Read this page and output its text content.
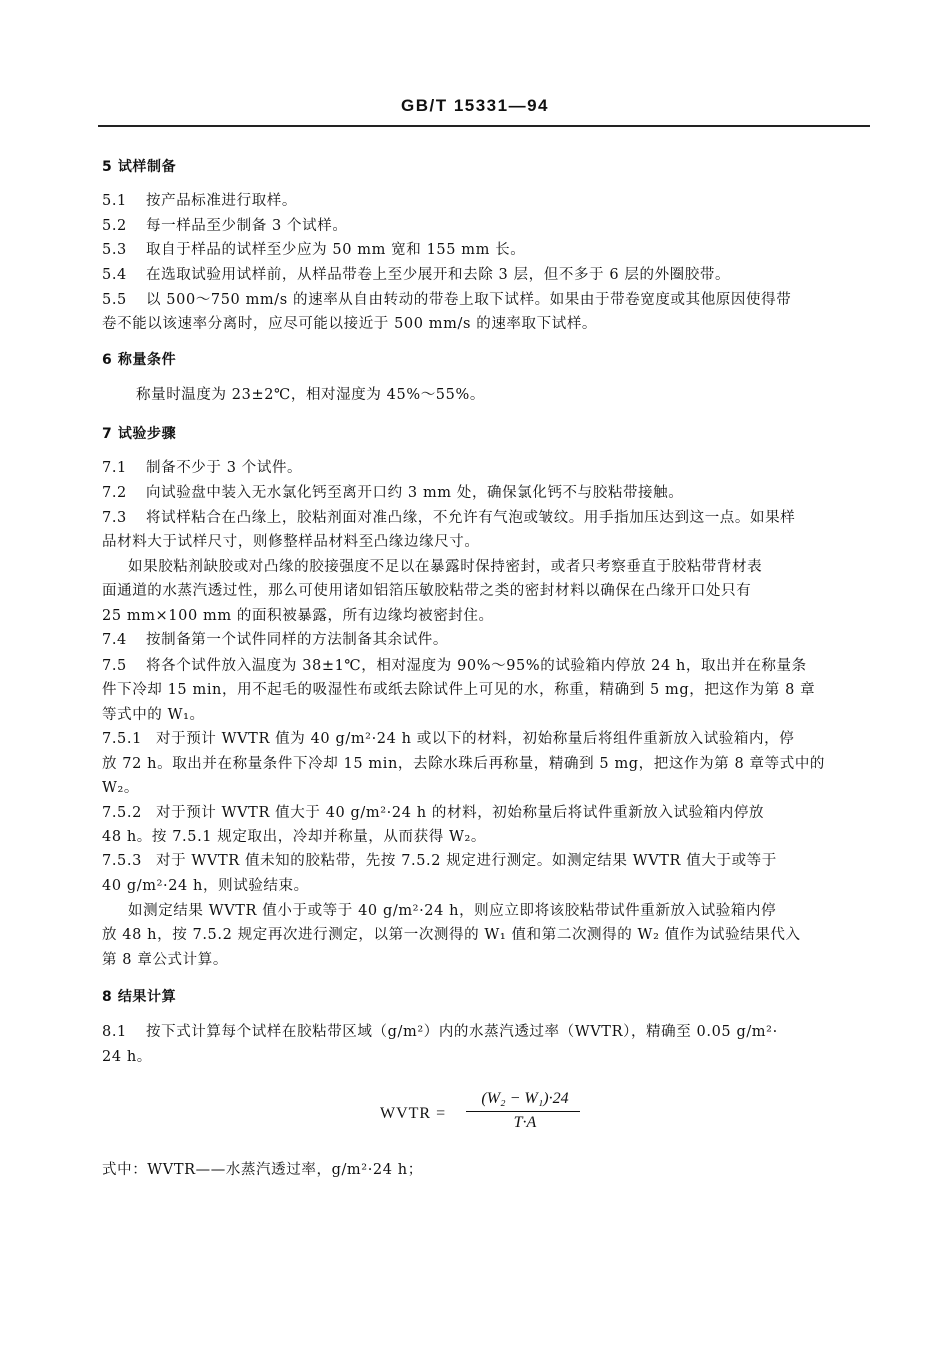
GB/T 15331—94
5 试样制备
5.1 按产品标准进行取样。
5.2 每一样品至少制备 3 个试样。
5.3 取自于样品的试样至少应为 50 mm 宽和 155 mm 长。
5.4 在选取试验用试样前，从样品带卷上至少展开和去除 3 层，但不多于 6 层的外圈胶带。
5.5 以 500～750 mm/s 的速率从自由转动的带卷上取下试样。如果由于带卷宽度或其他原因使得带
卷不能以该速率分离时，应尽可能以接近于 500 mm/s 的速率取下试样。
6 称量条件
称量时温度为 23±2℃，相对湿度为 45%～55%。
7 试验步骤
7.1 制备不少于 3 个试件。
7.2 向试验盘中装入无水氯化钙至离开口约 3 mm 处，确保氯化钙不与胶粘带接触。
7.3 将试样粘合在凸缘上，胶粘剂面对准凸缘，不允许有气泡或皱纹。用手指加压达到这一点。如果样
品材料大于试样尺寸，则修整样品材料至凸缘边缘尺寸。
如果胶粘剂缺胶或对凸缘的胶接强度不足以在暴露时保持密封，或者只考察垂直于胶粘带背材表
面通道的水蒸汽透过性，那么可使用诸如铝箔压敏胶粘带之类的密封材料以确保在凸缘开口处只有
25 mm×100 mm 的面积被暴露，所有边缘均被密封住。
7.4 按制备第一个试件同样的方法制备其余试件。
7.5 将各个试件放入温度为 38±1℃，相对湿度为 90%～95%的试验箱内停放 24 h，取出并在称量条
件下冷却 15 min，用不起毛的吸湿性布或纸去除试件上可见的水，称重，精确到 5 mg，把这作为第 8 章
等式中的 W₁。
7.5.1 对于预计 WVTR 值为 40 g/m²·24 h 或以下的材料，初始称量后将组件重新放入试验箱内，停
放 72 h。取出并在称量条件下冷却 15 min，去除水珠后再称量，精确到 5 mg，把这作为第 8 章等式中的
W₂。
7.5.2 对于预计 WVTR 值大于 40 g/m²·24 h 的材料，初始称量后将试件重新放入试验箱内停放
48 h。按 7.5.1 规定取出，冷却并称量，从而获得 W₂。
7.5.3 对于 WVTR 值未知的胶粘带，先按 7.5.2 规定进行测定。如测定结果 WVTR 值大于或等于
40 g/m²·24 h，则试验结束。
如测定结果 WVTR 值小于或等于 40 g/m²·24 h，则应立即将该胶粘带试件重新放入试验箱内停
放 48 h，按 7.5.2 规定再次进行测定，以第一次测得的 W₁ 值和第二次测得的 W₂ 值作为试验结果代入
第 8 章公式计算。
8 结果计算
8.1 按下式计算每个试样在胶粘带区域（g/m²）内的水蒸汽透过率（WVTR），精确至 0.05 g/m²·
24 h。
WVTR =
(W₂ − W₁)·24
T·A
式中：WVTR——水蒸汽透过率，g/m²·24 h；
